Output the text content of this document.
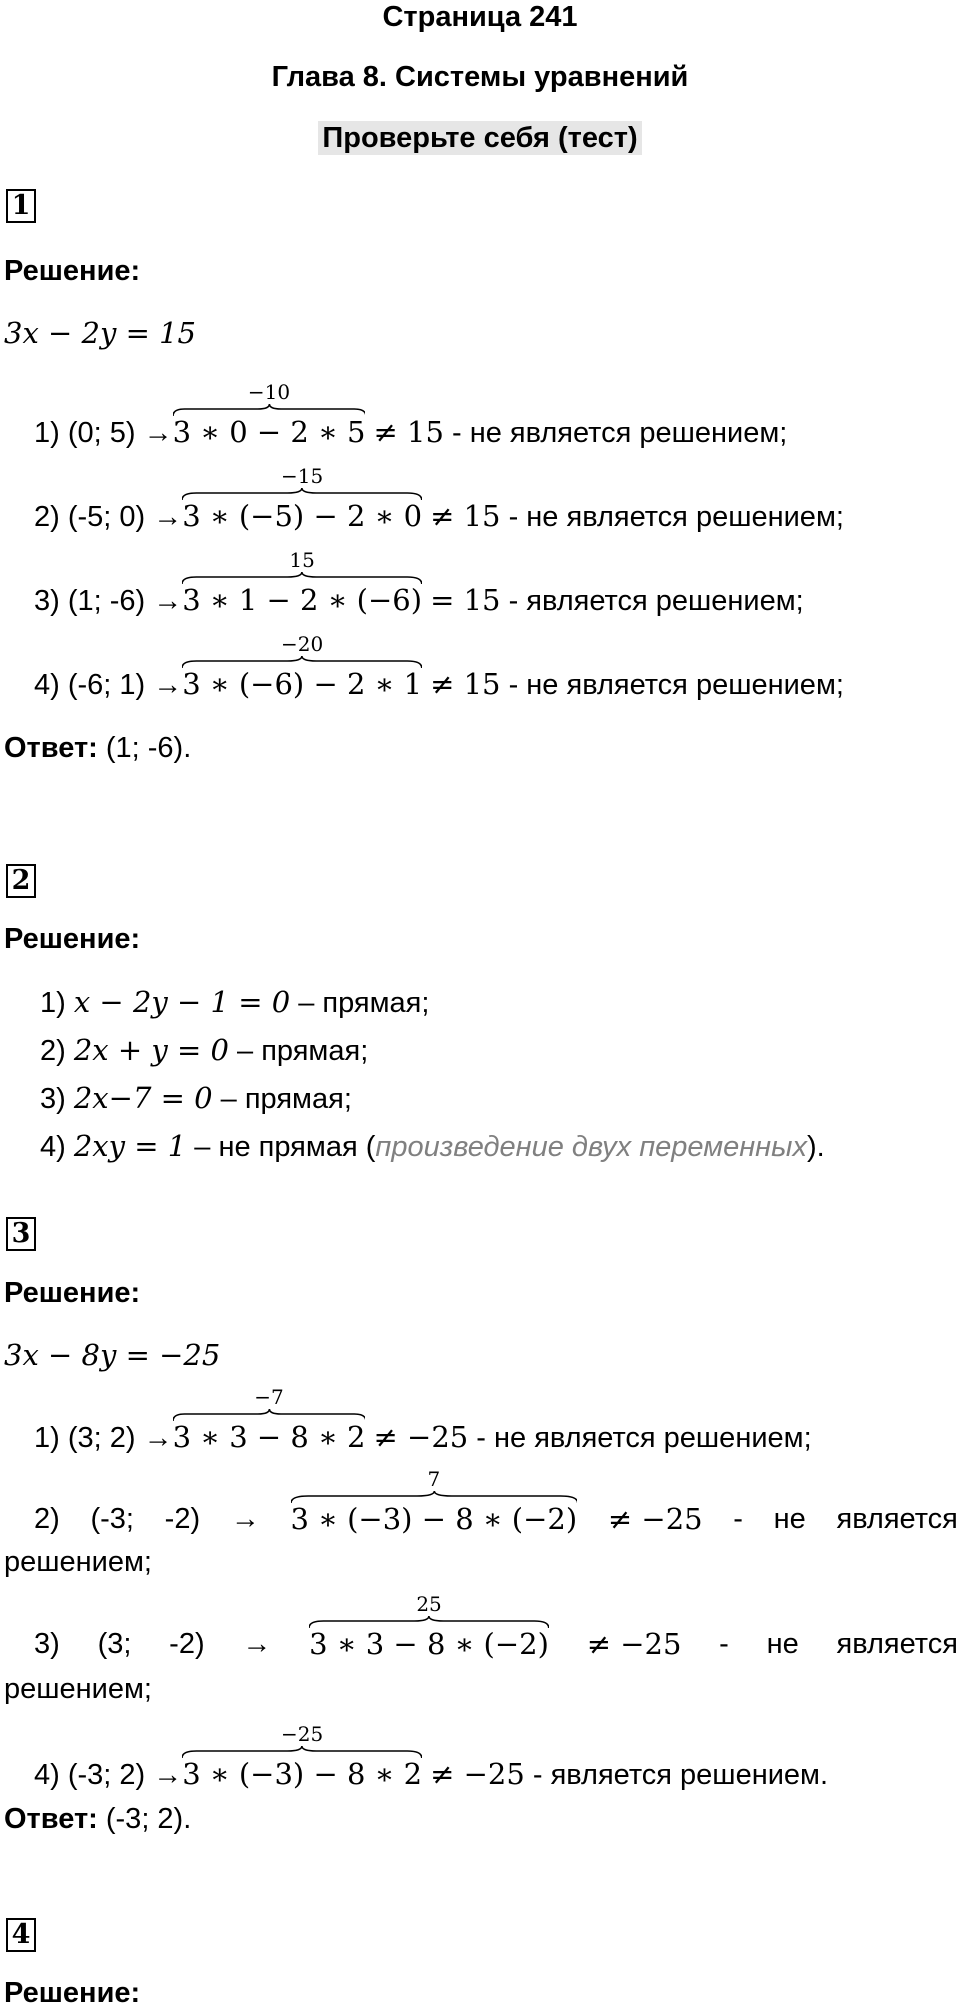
Страница 241
Глава 8. Системы уравнений
Проверьте себя (тест)
1
Решение:
3x − 2y = 15
1) (0; 5) →
−10
3 ∗ 0 − 2 ∗ 5 ≠ 15 - не является решением;
2) (-5; 0) →
−15
3 ∗ (−5) − 2 ∗ 0 ≠ 15 - не является решением;
3) (1; -6) →
15
3 ∗ 1 − 2 ∗ (−6) = 15 - является решением;
4) (-6; 1) →
−20
3 ∗ (−6) − 2 ∗ 1 ≠ 15 - не является решением;
Ответ: (1; -6).
2
Решение:
1) x − 2y − 1 = 0 – прямая;
2) 2x + y = 0 – прямая;
3) 2x−7 = 0 – прямая;
4) 2xy = 1 – не прямая (произведение двух переменных).
3
Решение:
3x − 8y = −25
1) (3; 2) →
−7
3 ∗ 3 − 8 ∗ 2 ≠ −25 - не является решением;
2) (-3; -2) →
7
3 ∗ (−3) − 8 ∗ (−2) ≠ −25 - не является
решением;
3) (3; -2) →
25
3 ∗ 3 − 8 ∗ (−2) ≠ −25 - не является
решением;
4) (-3; 2) →
−25
3 ∗ (−3) − 8 ∗ 2 ≠ −25 - является решением.
Ответ: (-3; 2).
4
Решение:
